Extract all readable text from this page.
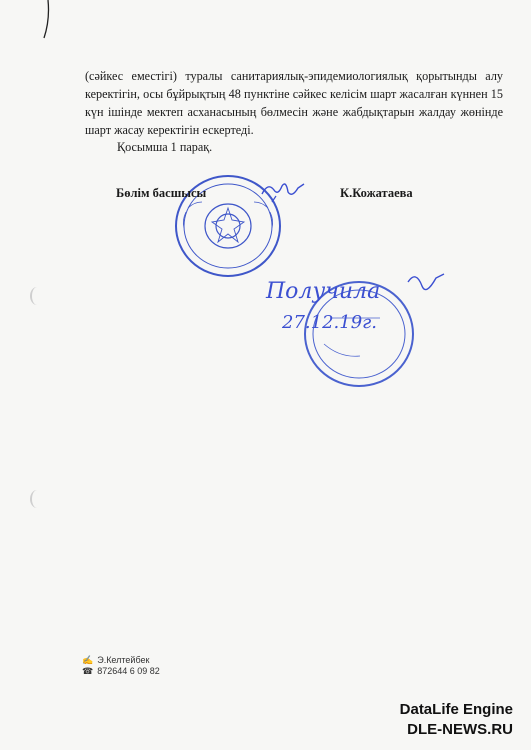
(сәйкес еместігі) туралы санитариялық-эпидемиологиялық қорытынды алу керектігін, осы бұйрықтың 48 пунктіне сәйкес келісім шарт жасалған күннен 15 күн ішінде мектеп асханасының бөлмесін және жабдықтарын жалдау жөнінде шарт жасау керектігін ескертеді.

Қосымша 1 парақ.
Бөлім басшысы	К.Кожатаева
Получила
27.12.19г.
✍ Э.Келтейбек
☎ 872644 6 09 82
DataLife Engine
DLE-NEWS.RU
